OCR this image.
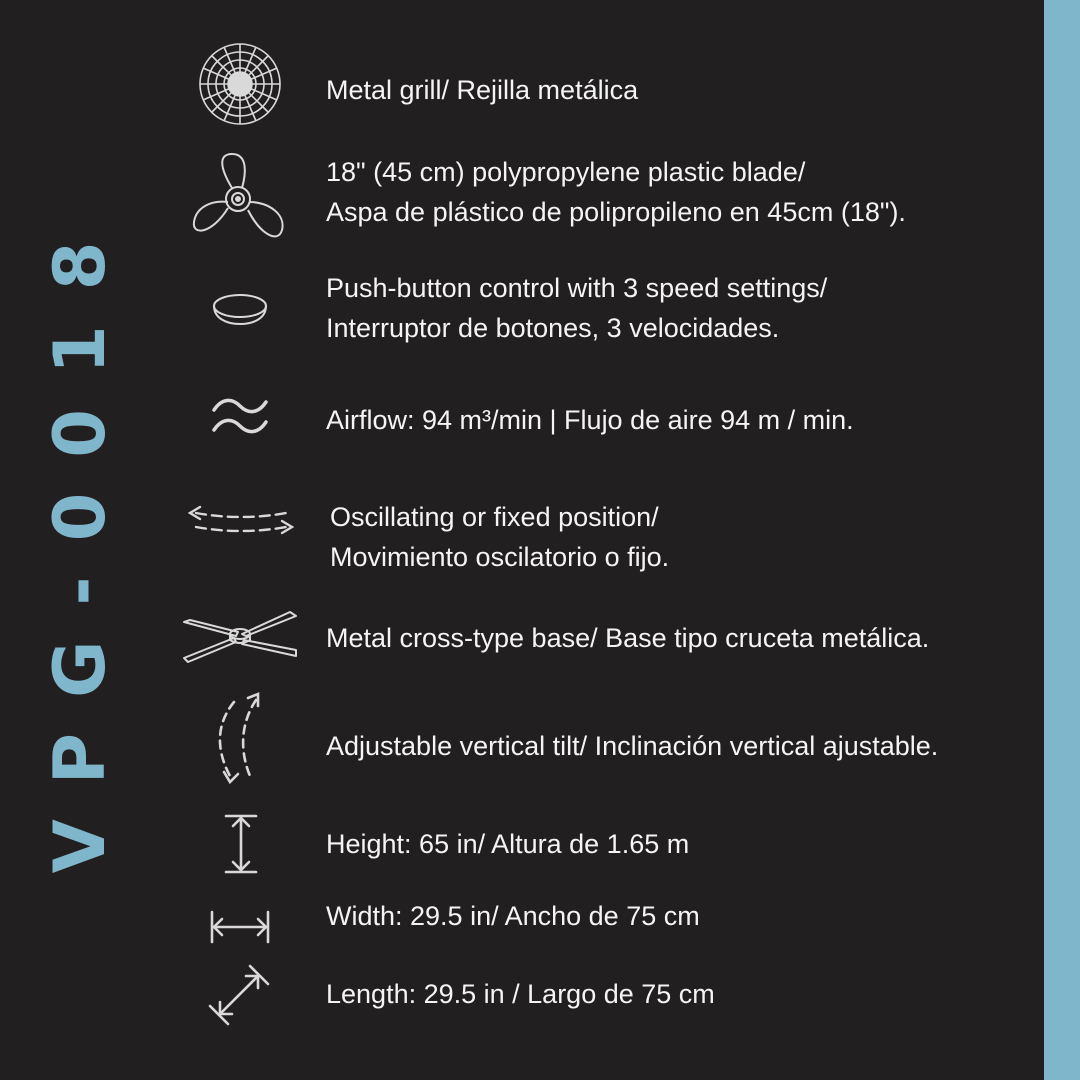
VPG-0018
Metal grill/ Rejilla metálica
18" (45 cm) polypropylene plastic blade/
Aspa de plástico de polipropileno en 45cm (18").
Push-button control with 3 speed settings/
Interruptor de botones, 3 velocidades.
Airflow: 94 m³/min | Flujo de aire 94 m / min.
Oscillating or fixed position/
Movimiento oscilatorio o fijo.
Metal cross-type base/ Base tipo cruceta metálica.
Adjustable vertical tilt/ Inclinación vertical ajustable.
Height: 65 in/ Altura de 1.65 m
Width: 29.5 in/ Ancho de 75 cm
Length: 29.5 in / Largo de 75 cm
